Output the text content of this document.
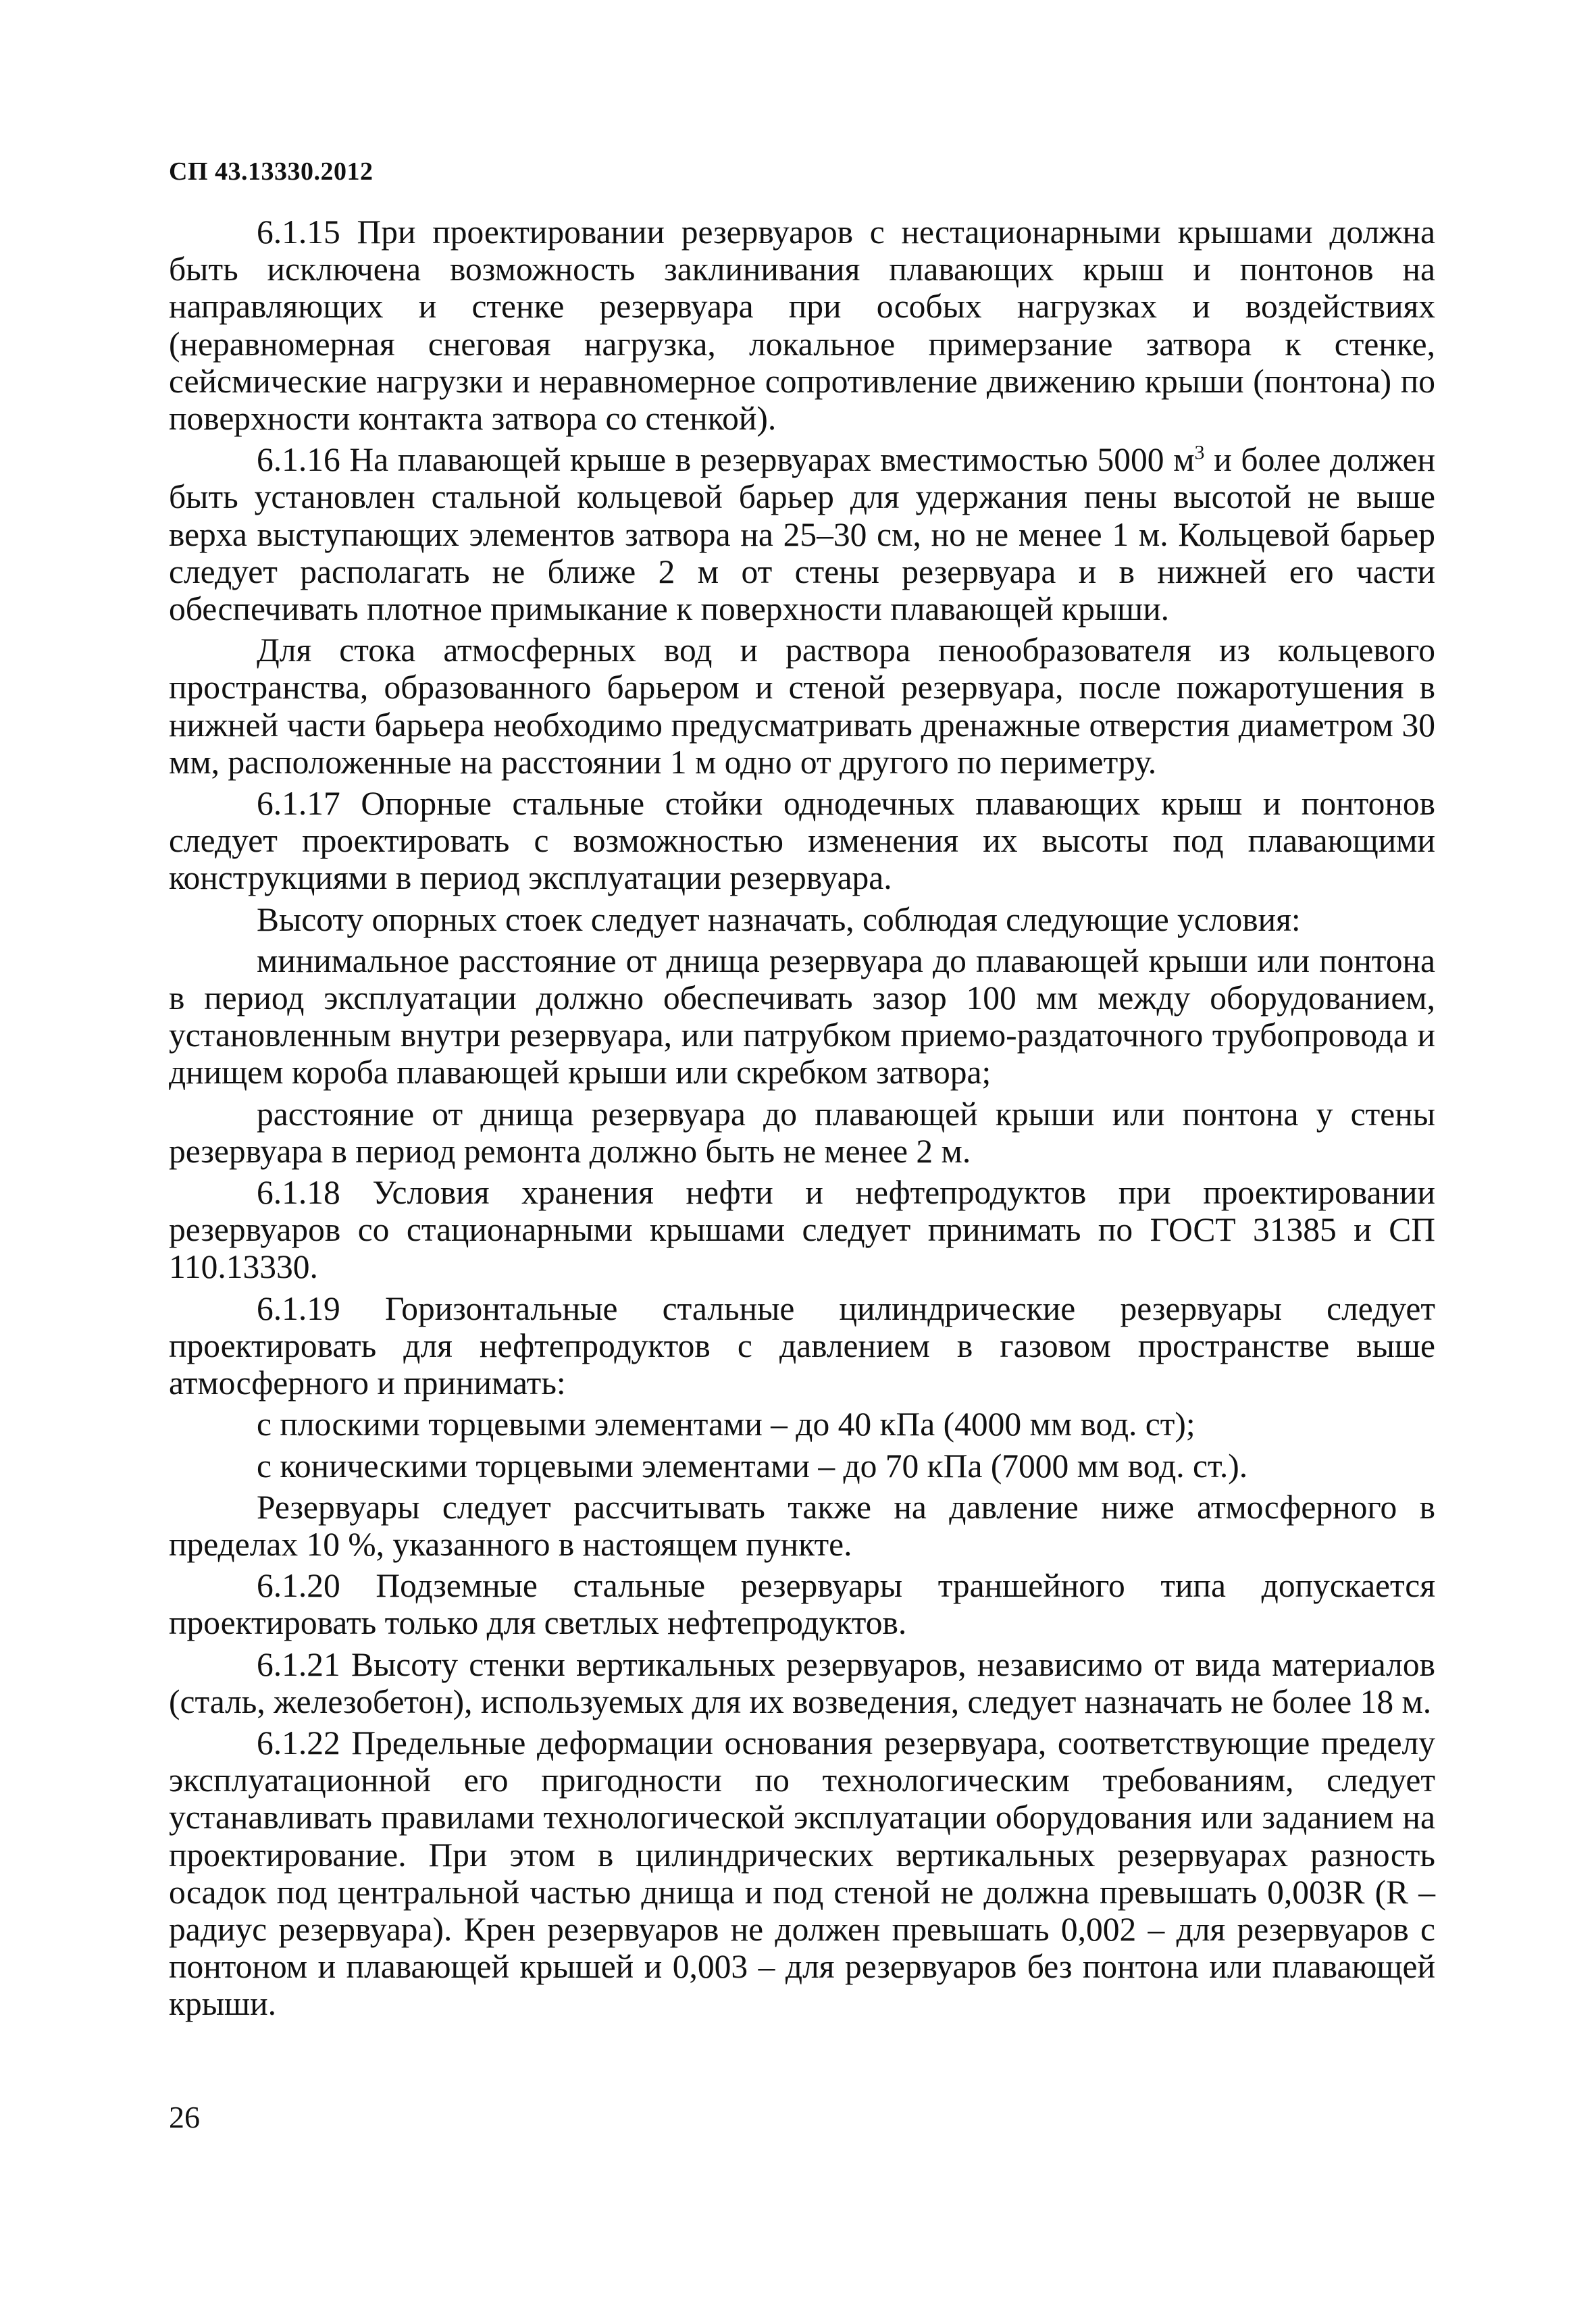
СП 43.13330.2012

6.1.15 При проектировании резервуаров с нестационарными крышами должна быть исключена возможность заклинивания плавающих крыш и понтонов на направляющих и стенке резервуара при особых нагрузках и воздействиях (неравномерная снеговая нагрузка, локальное примерзание затвора к стенке, сейсмические нагрузки и неравномерное сопротивление движению крыши (понтона) по поверхности контакта затвора со стенкой).

6.1.16 На плавающей крыше в резервуарах вместимостью 5000 $м^3$ и более должен быть установлен стальной кольцевой барьер для удержания пены высотой не выше верха выступающих элементов затвора на 25–30 см, но не менее 1 м. Кольцевой барьер следует располагать не ближе 2 м от стены резервуара и в нижней его части обеспечивать плотное примыкание к поверхности плавающей крыши.

Для стока атмосферных вод и раствора пенообразователя из кольцевого пространства, образованного барьером и стеной резервуара, после пожаротушения в нижней части барьера необходимо предусматривать дренажные отверстия диаметром 30 мм, расположенные на расстоянии 1 м одно от другого по периметру.

6.1.17 Опорные стальные стойки однодечных плавающих крыш и понтонов следует проектировать с возможностью изменения их высоты под плавающими конструкциями в период эксплуатации резервуара.

Высоту опорных стоек следует назначать, соблюдая следующие условия:

минимальное расстояние от днища резервуара до плавающей крыши или понтона в период эксплуатации должно обеспечивать зазор 100 мм между оборудованием, установленным внутри резервуара, или патрубком приемо-раздаточного трубопровода и днищем короба плавающей крыши или скребком затвора;

расстояние от днища резервуара до плавающей крыши или понтона у стены резервуара в период ремонта должно быть не менее 2 м.

6.1.18 Условия хранения нефти и нефтепродуктов при проектировании резервуаров со стационарными крышами следует принимать по ГОСТ 31385 и СП 110.13330.

6.1.19 Горизонтальные стальные цилиндрические резервуары следует проектировать для нефтепродуктов с давлением в газовом пространстве выше атмосферного и принимать:

с плоскими торцевыми элементами – до 40 кПа (4000 мм вод. ст);

с коническими торцевыми элементами – до 70 кПа (7000 мм вод. ст.).

Резервуары следует рассчитывать также на давление ниже атмосферного в пределах 10 %, указанного в настоящем пункте.

6.1.20 Подземные стальные резервуары траншейного типа допускается проектировать только для светлых нефтепродуктов.

6.1.21 Высоту стенки вертикальных резервуаров, независимо от вида материалов (сталь, железобетон), используемых для их возведения, следует назначать не более 18 м.

6.1.22 Предельные деформации основания резервуара, соответствующие пределу эксплуатационной его пригодности по технологическим требованиям, следует устанавливать правилами технологической эксплуатации оборудования или заданием на проектирование. При этом в цилиндрических вертикальных резервуарах разность осадок под центральной частью днища и под стеной не должна превышать 0,003R (R – радиус резервуара). Крен резервуаров не должен превышать 0,002 – для резервуаров с понтоном и плавающей крышей и 0,003 – для резервуаров без понтона или плавающей крыши.

26
